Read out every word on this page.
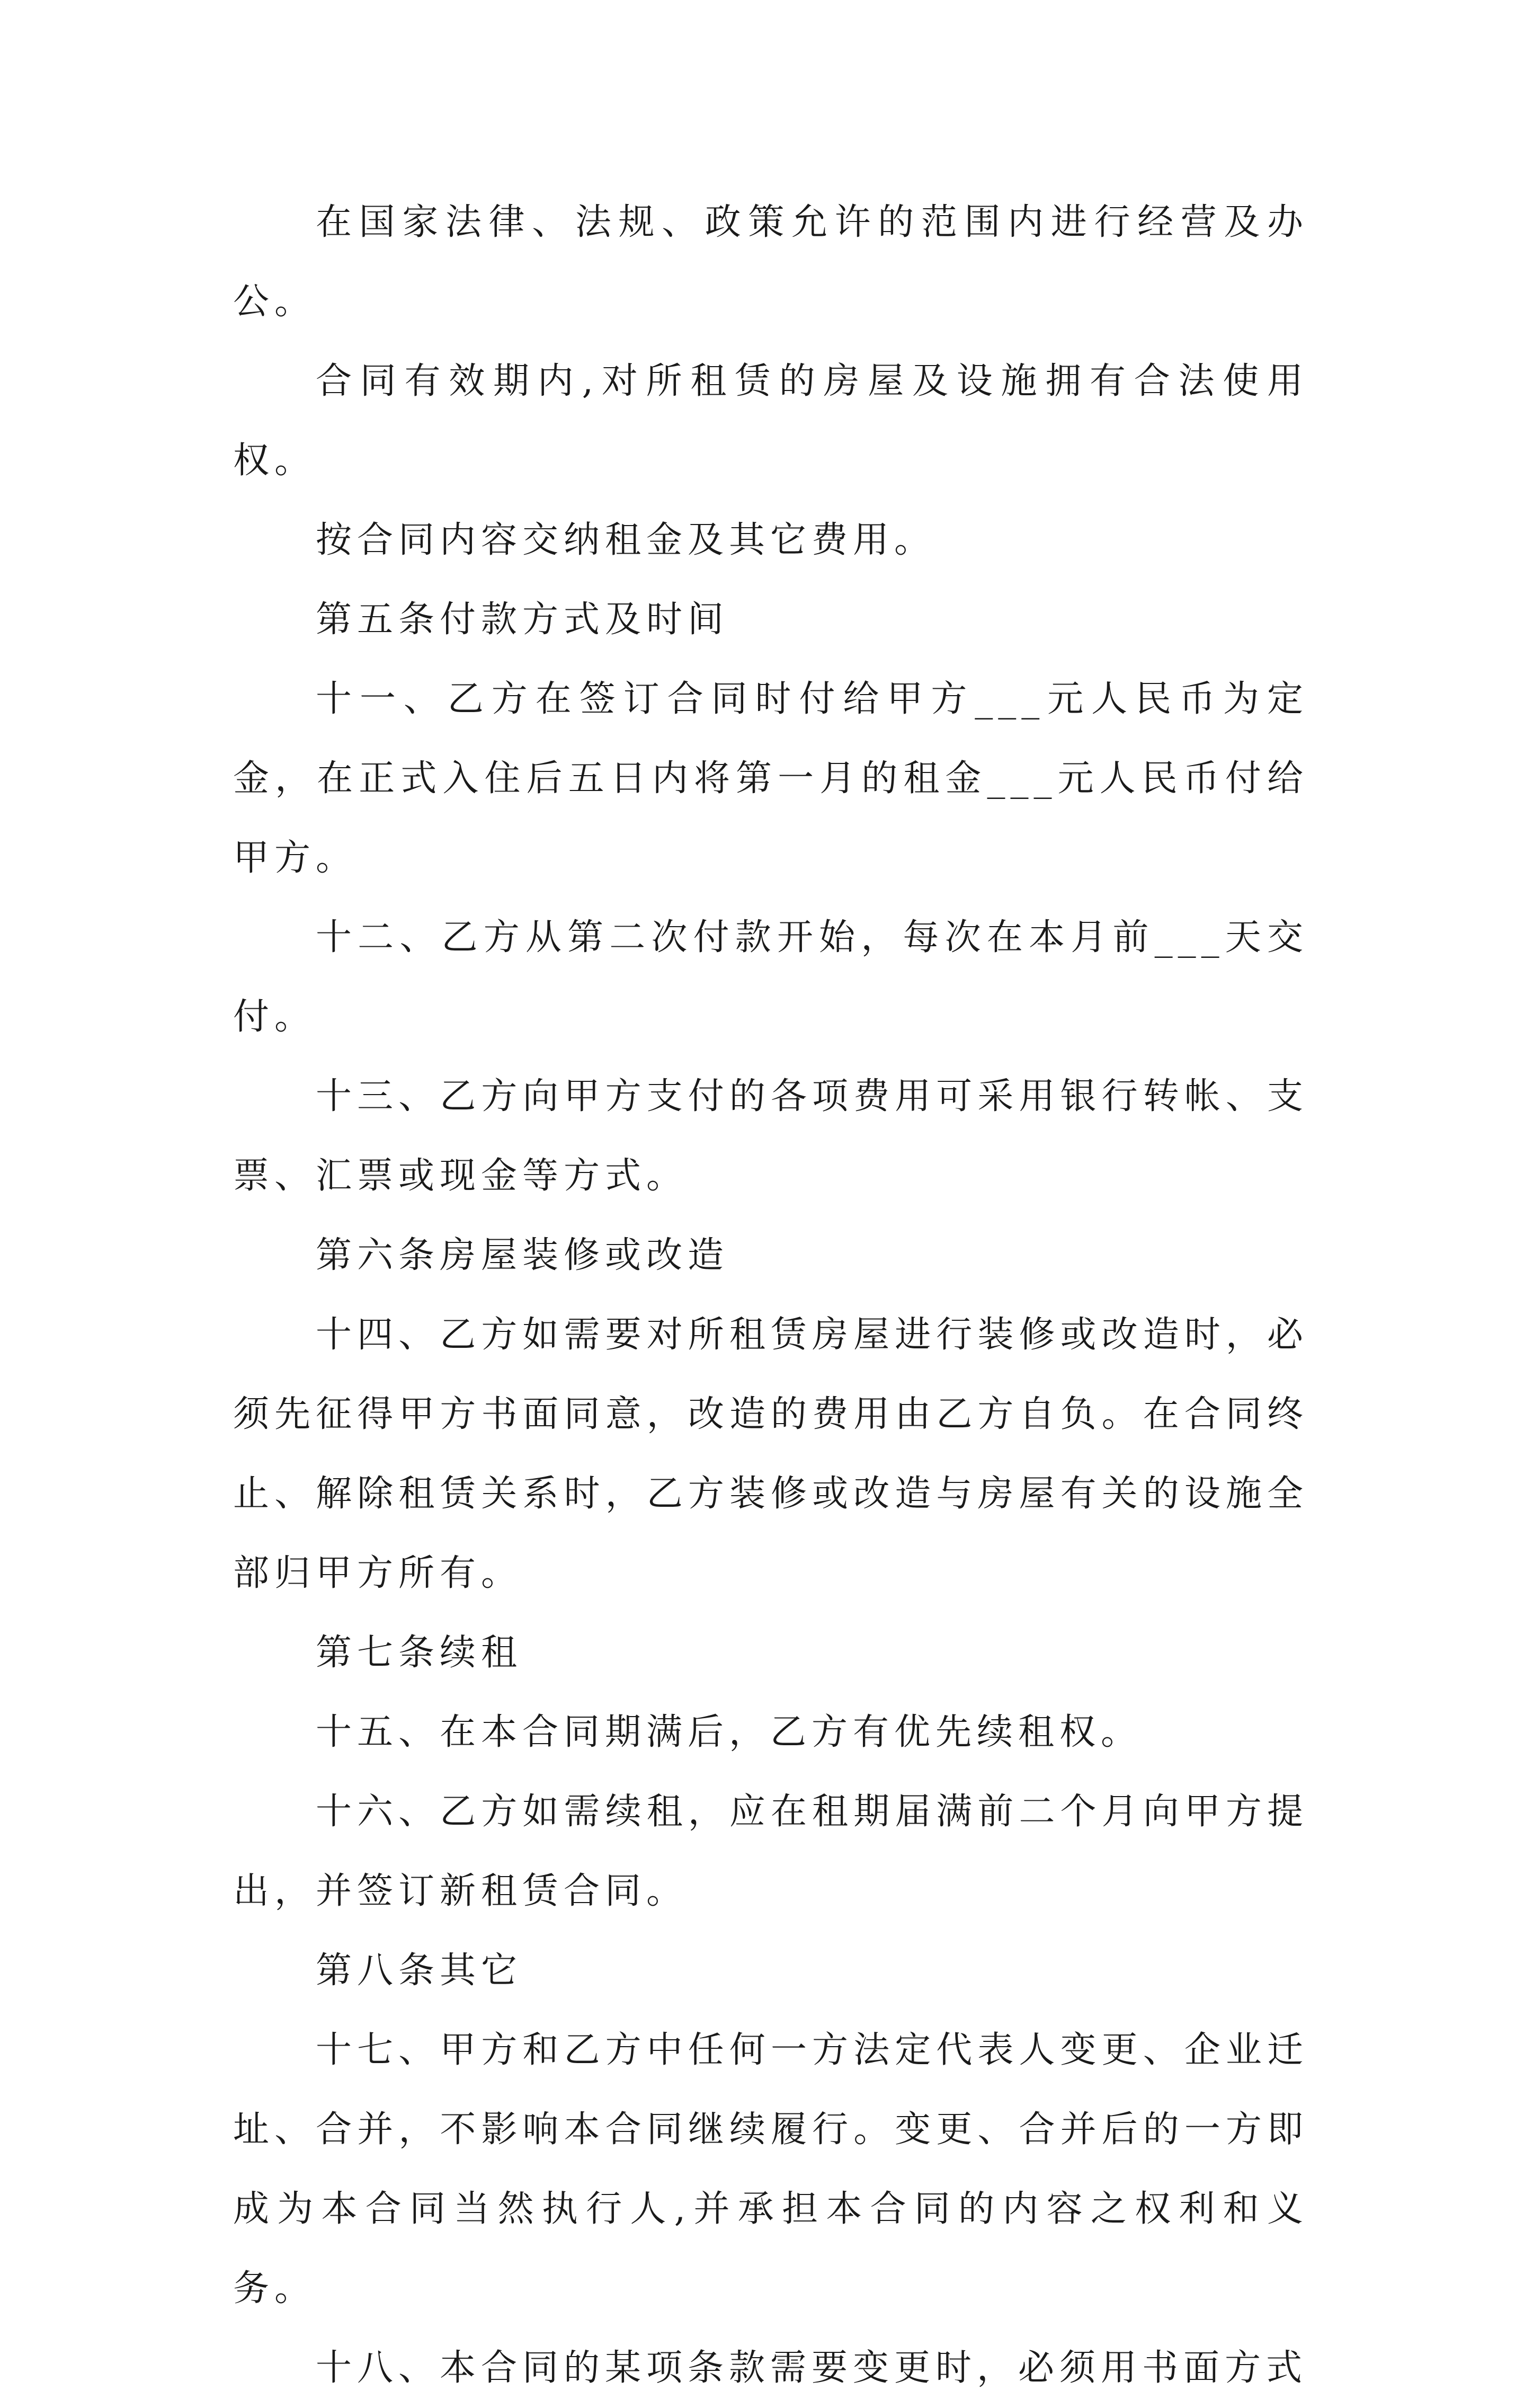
在国家法律、法规、政策允许的范围内进行经营及办公。

合同有效期内,对所租赁的房屋及设施拥有合法使用权。

按合同内容交纳租金及其它费用。

第五条付款方式及时间

十一、乙方在签订合同时付给甲方___元人民币为定金，在正式入住后五日内将第一月的租金___元人民币付给甲方。

十二、乙方从第二次付款开始，每次在本月前___天交付。

十三、乙方向甲方支付的各项费用可采用银行转帐、支票、汇票或现金等方式。

第六条房屋装修或改造

十四、乙方如需要对所租赁房屋进行装修或改造时，必须先征得甲方书面同意，改造的费用由乙方自负。在合同终止、解除租赁关系时，乙方装修或改造与房屋有关的设施全部归甲方所有。

第七条续租

十五、在本合同期满后，乙方有优先续租权。

十六、乙方如需续租，应在租期届满前二个月向甲方提出，并签订新租赁合同。

第八条其它

十七、甲方和乙方中任何一方法定代表人变更、企业迁址、合并，不影响本合同继续履行。变更、合并后的一方即成为本合同当然执行人,并承担本合同的内容之权利和义务。

十八、本合同的某项条款需要变更时，必须用书面方式
